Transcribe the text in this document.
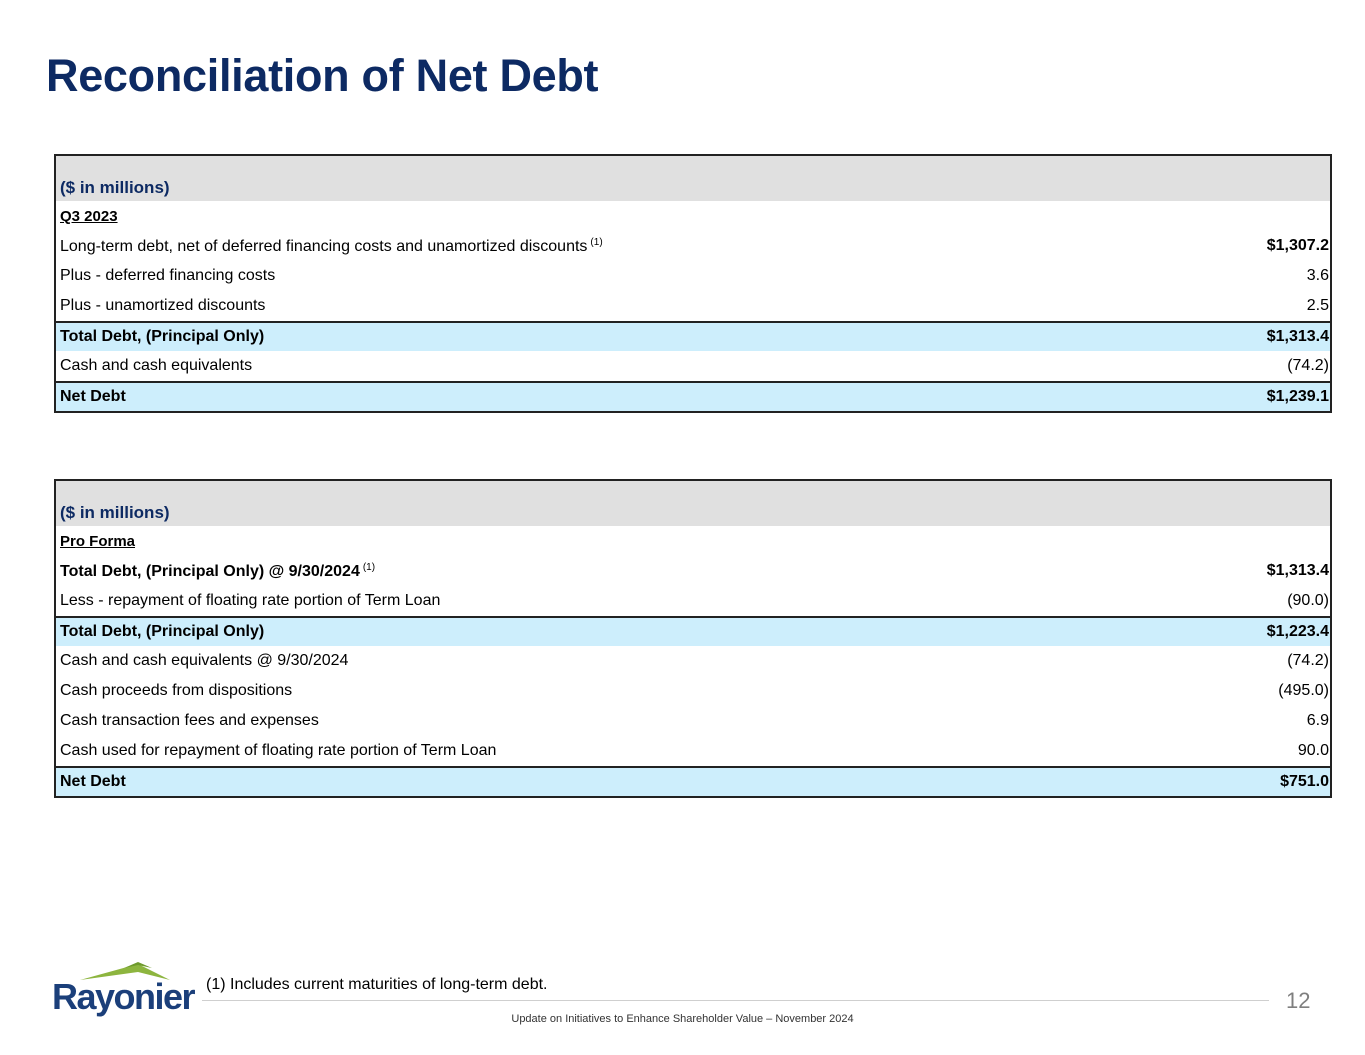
Reconciliation of Net Debt
($ in millions)
Q3 2023
Long-term debt, net of deferred financing costs and unamortized discounts $^{(1)}$	$1,307.2
Plus - deferred financing costs	3.6
Plus - unamortized discounts	2.5
Total Debt, (Principal Only)	$1,313.4
Cash and cash equivalents	(74.2)
Net Debt	$1,239.1
($ in millions)
Pro Forma
Total Debt, (Principal Only) @ 9/30/2024 $^{(1)}$	$1,313.4
Less - repayment of floating rate portion of Term Loan	(90.0)
Total Debt, (Principal Only)	$1,223.4
Cash and cash equivalents @ 9/30/2024	(74.2)
Cash proceeds from dispositions	(495.0)
Cash transaction fees and expenses	6.9
Cash used for repayment of floating rate portion of Term Loan	90.0
Net Debt	$751.0
Rayonier (1) Includes current maturities of long-term debt.
12
Update on Initiatives to Enhance Shareholder Value – November 2024
